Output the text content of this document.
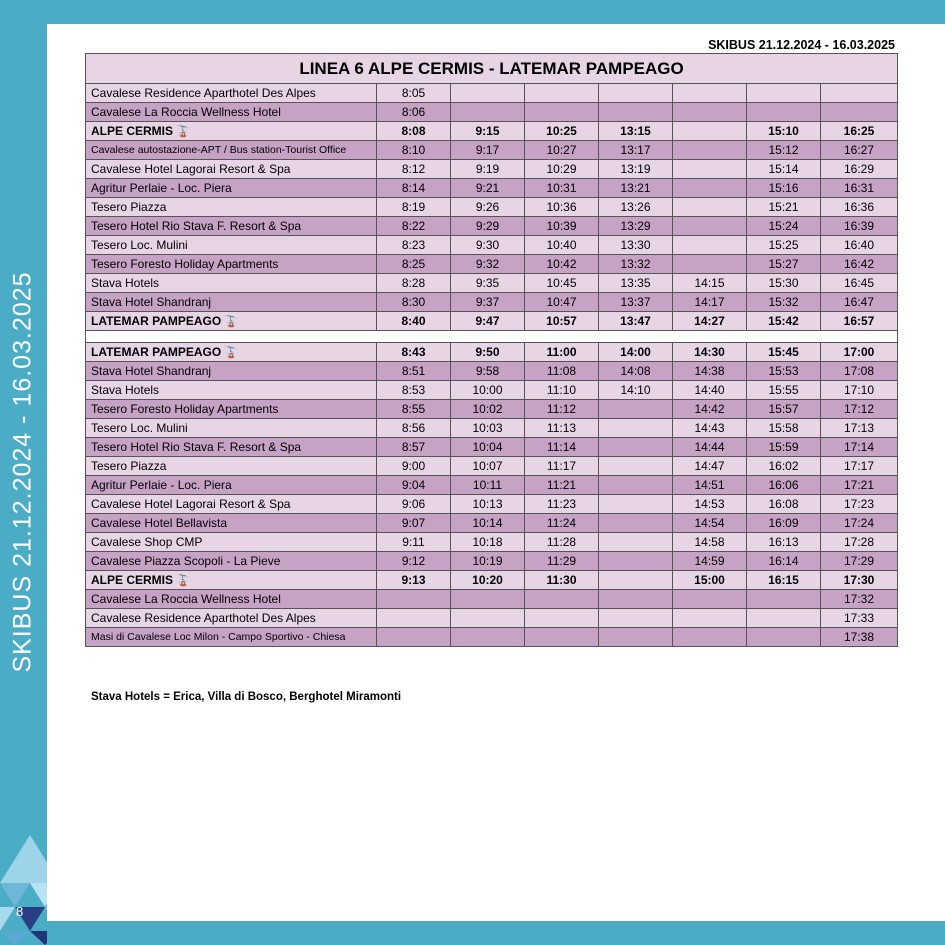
SKIBUS 21.12.2024 - 16.03.2025
8
SKIBUS 21.12.2024 - 16.03.2025
LINEA 6 ALPE CERMIS - LATEMAR PAMPEAGO							
Cavalese Residence Aparthotel Des Alpes	8:05						
Cavalese La Roccia Wellness Hotel	8:06						
ALPE CERMIS 🚡	8:08	9:15	10:25	13:15		15:10	16:25
Cavalese autostazione-APT / Bus station-Tourist Office	8:10	9:17	10:27	13:17		15:12	16:27
Cavalese Hotel Lagorai Resort & Spa	8:12	9:19	10:29	13:19		15:14	16:29
Agritur Perlaie - Loc. Piera	8:14	9:21	10:31	13:21		15:16	16:31
Tesero Piazza	8:19	9:26	10:36	13:26		15:21	16:36
Tesero Hotel Rio Stava F. Resort & Spa	8:22	9:29	10:39	13:29		15:24	16:39
Tesero Loc. Mulini	8:23	9:30	10:40	13:30		15:25	16:40
Tesero Foresto Holiday Apartments	8:25	9:32	10:42	13:32		15:27	16:42
Stava Hotels	8:28	9:35	10:45	13:35	14:15	15:30	16:45
Stava Hotel Shandranj	8:30	9:37	10:47	13:37	14:17	15:32	16:47
LATEMAR PAMPEAGO 🚡	8:40	9:47	10:57	13:47	14:27	15:42	16:57

LATEMAR PAMPEAGO 🚡	8:43	9:50	11:00	14:00	14:30	15:45	17:00
Stava Hotel Shandranj	8:51	9:58	11:08	14:08	14:38	15:53	17:08
Stava Hotels	8:53	10:00	11:10	14:10	14:40	15:55	17:10
Tesero Foresto Holiday Apartments	8:55	10:02	11:12		14:42	15:57	17:12
Tesero Loc. Mulini	8:56	10:03	11:13		14:43	15:58	17:13
Tesero Hotel Rio Stava F. Resort & Spa	8:57	10:04	11:14		14:44	15:59	17:14
Tesero Piazza	9:00	10:07	11:17		14:47	16:02	17:17
Agritur Perlaie - Loc. Piera	9:04	10:11	11:21		14:51	16:06	17:21
Cavalese Hotel Lagorai Resort & Spa	9:06	10:13	11:23		14:53	16:08	17:23
Cavalese Hotel Bellavista	9:07	10:14	11:24		14:54	16:09	17:24
Cavalese Shop CMP	9:11	10:18	11:28		14:58	16:13	17:28
Cavalese Piazza Scopoli - La Pieve	9:12	10:19	11:29		14:59	16:14	17:29
ALPE CERMIS 🚡	9:13	10:20	11:30		15:00	16:15	17:30
Cavalese La Roccia Wellness Hotel							17:32
Cavalese Residence Aparthotel Des Alpes							17:33
Masi di Cavalese Loc Milon - Campo Sportivo - Chiesa							17:38
Stava Hotels = Erica, Villa di Bosco, Berghotel Miramonti
